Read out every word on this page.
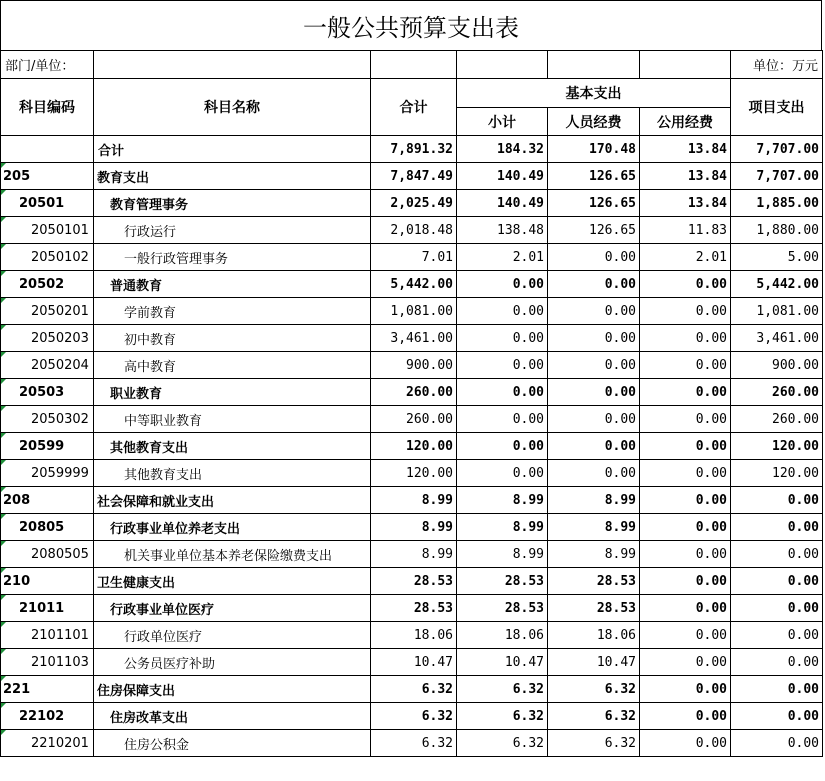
一般公共预算支出表
部门/单位：						单位：万元
科目编码	科目名称	合计	基本支出			项目支出
			小计	人员经费	公用经费	
	合计	7,891.32	184.32	170.48	13.84	7,707.00
205	教育支出	7,847.49	140.49	126.65	13.84	7,707.00
20501	教育管理事务	2,025.49	140.49	126.65	13.84	1,885.00
2050101	行政运行	2,018.48	138.48	126.65	11.83	1,880.00
2050102	一般行政管理事务	7.01	2.01	0.00	2.01	5.00
20502	普通教育	5,442.00	0.00	0.00	0.00	5,442.00
2050201	学前教育	1,081.00	0.00	0.00	0.00	1,081.00
2050203	初中教育	3,461.00	0.00	0.00	0.00	3,461.00
2050204	高中教育	900.00	0.00	0.00	0.00	900.00
20503	职业教育	260.00	0.00	0.00	0.00	260.00
2050302	中等职业教育	260.00	0.00	0.00	0.00	260.00
20599	其他教育支出	120.00	0.00	0.00	0.00	120.00
2059999	其他教育支出	120.00	0.00	0.00	0.00	120.00
208	社会保障和就业支出	8.99	8.99	8.99	0.00	0.00
20805	行政事业单位养老支出	8.99	8.99	8.99	0.00	0.00
2080505	机关事业单位基本养老保险缴费支出	8.99	8.99	8.99	0.00	0.00
210	卫生健康支出	28.53	28.53	28.53	0.00	0.00
21011	行政事业单位医疗	28.53	28.53	28.53	0.00	0.00
2101101	行政单位医疗	18.06	18.06	18.06	0.00	0.00
2101103	公务员医疗补助	10.47	10.47	10.47	0.00	0.00
221	住房保障支出	6.32	6.32	6.32	0.00	0.00
22102	住房改革支出	6.32	6.32	6.32	0.00	0.00
2210201	住房公积金	6.32	6.32	6.32	0.00	0.00
